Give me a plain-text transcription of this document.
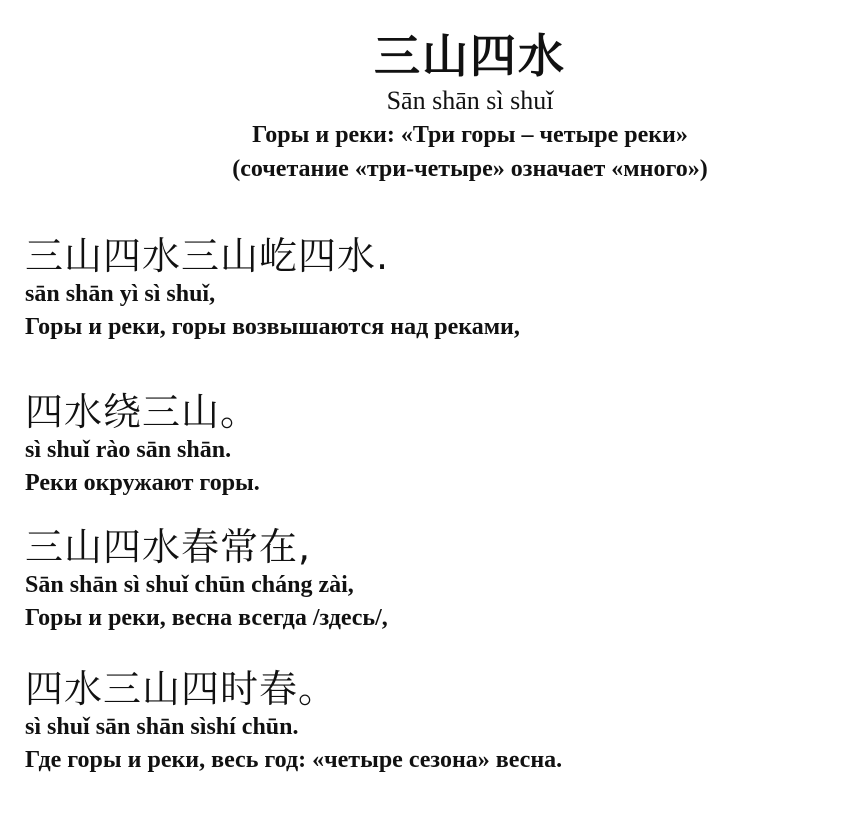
三山四水
Sān shān sì shuǐ
Горы и реки: «Три горы – четыре реки»
(сочетание «три-четыре» означает «много»)
三山四水三山屹四水.
sān shān yì sì shuǐ,
Горы и реки, горы возвышаются над реками,
四水绕三山。
sì shuǐ rào sān shān.
Реки окружают горы.
三山四水春常在,
Sān shān sì shuǐ chūn cháng zài,
Горы и реки, весна всегда /здесь/,
四水三山四时春。
sì shuǐ sān shān sìshí chūn.
Где горы и реки, весь год: «четыре сезона» весна.
